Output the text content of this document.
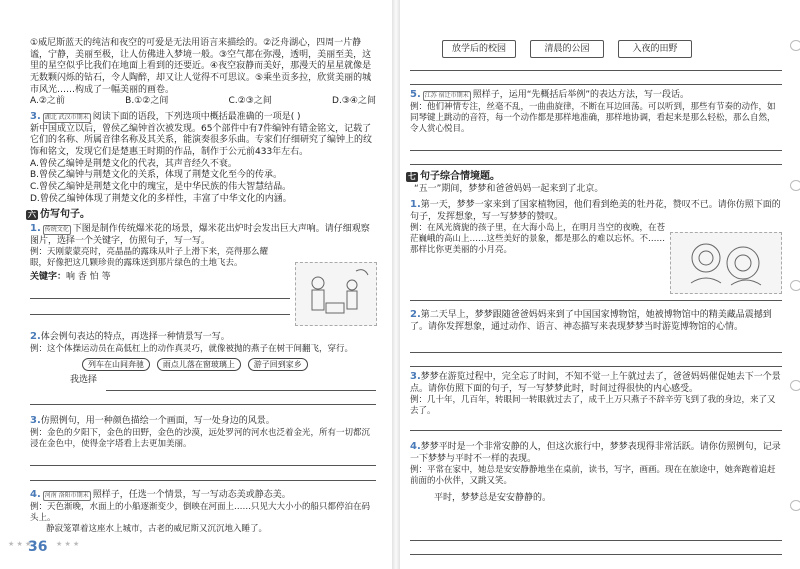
①威尼斯蓝天的纯洁和夜空的可爱是无法用语言来描绘的。②泛舟湖心，四周一片静谧，宁静，美丽至极，让人仿佛进入梦境一般。③空气都在弥漫，透明，美丽至美，这里的星空似乎比我们在地面上看到的还要近。④夜空寂静而美好，那漫天的星星就像是无数颗闪烁的钻石，令人陶醉，却又让人觉得不可思议。⑤乘坐贡多拉，欣赏美丽的城市风光……构成了一幅美丽的画卷。

A.②之前	B.①②之间	C.②③之间	D.③④之间

3. 湖北 武汉市期末 阅读下面的语段，下列选项中概括最准确的一项是( )

新中国成立以后，曾侯乙编钟首次被发现。65个部件中有7件编钟有错金铭文，记载了它们的名称、所属音律名称及其关系，能演奏很多乐曲。专家们仔细研究了编钟上的纹饰和铭文，发现它们是楚惠王时期的作品，制作于公元前433年左右。

A.曾侯乙编钟是荆楚文化的代表，其声音经久不衰。

B.曾侯乙编钟与荆楚文化的关系，体现了荆楚文化至今的传承。

C.曾侯乙编钟是荆楚文化中的瑰宝，是中华民族的伟大智慧结晶。

D.曾侯乙编钟体现了荆楚文化的多样性，丰富了中华文化的内涵。

六 仿写句子。

1. 传统文化 下图是制作传统爆米花的场景，爆米花出炉时会发出巨大声响。请仔细观察图片，选择一个关键字，仿照句子，写一写。

例：天刚蒙蒙亮时，亮晶晶的露珠从叶子上滑下来，亮得那么耀眼，好像把这几颗珍贵的露珠送到那片绿色的土地飞去。

关键字：响 香 怕 等

2.体会例句表达的特点，再选择一种情景写一写。

例：这个体操运动员在高低杠上的动作真灵巧，就像被抛的燕子在树干间翻飞，穿行。

列车在山间奔驰 雨点儿落在窗玻璃上 游子回到家乡

我选择

3.仿照例句，用一种颜色描绘一个画面，写一处身边的风景。

例：金色的夕阳下，金色的田野，金色的沙漠，远处罗河的河水也泛着金光，所有一切都沉浸在金色中，使得金字塔看上去更加美丽。

4. 河南 洛阳市期末 照样子，任选一个情景，写一写动态美或静态美。

例：天色渐晚，水面上的小船逐渐变少，倒映在河面上……只见大大小小的船只都停泊在码头上。

静寂笼罩着这座水上城市，古老的威尼斯又沉沉地入睡了。

★ ★ ★
36 ★ ★ ★
放学后的校园	清晨的公园	入夜的田野

5. 江苏 宿迁市期末 照样子，运用“先概括后举例”的表达方法，写一段话。

例：他们神情专注，丝毫不乱，一曲曲旋律，不断在耳边回荡。可以听到，那些有节奏的动作，如同琴键上跳动的音符，每一个动作都是那样地准确，那样地协调，看起来是那么轻松，那么自然，令人赏心悦目。

七 句子综合情境题。
“五一”期间，梦梦和爸爸妈妈一起来到了北京。

1.第一天，梦梦一家来到了国家植物园，他们看到绝美的牡丹花，赞叹不已。请你仿照下面的句子，发挥想象，写一写梦梦的赞叹。

例：在风光旖旎的孩子里，在大海小岛上，在明月当空的夜晚，在苍茫巍峨的高山上……这些美好的景象，都是那么的难以忘怀。不……那样比你更美丽的小月亮。

2.第二天早上，梦梦跟随爸爸妈妈来到了中国国家博物馆，她被博物馆中的精美藏品震撼到了。请你发挥想象，通过动作、语言、神态描写来表现梦梦当时游览博物馆的心情。

3.梦梦在游览过程中，完全忘了时间，不知不觉一上午就过去了，爸爸妈妈催促她去下一个景点。请你仿照下面的句子，写一写梦梦此时，时间过得很快的内心感受。

例：几十年，几百年，转眼间一转眼就过去了，成千上万只燕子不辞辛劳飞到了我的身边，来了又去了。

4.梦梦平时是一个非常安静的人，但这次旅行中，梦梦表现得非常活跃。请你仿照例句，记录一下梦梦与平时不一样的表现。

例：平常在家中，她总是安安静静地坐在桌前，读书，写字，画画。现在在旅途中，她奔跑着追赶前面的小伙伴，又跳又笑。

平时，梦梦总是安安静静的。
